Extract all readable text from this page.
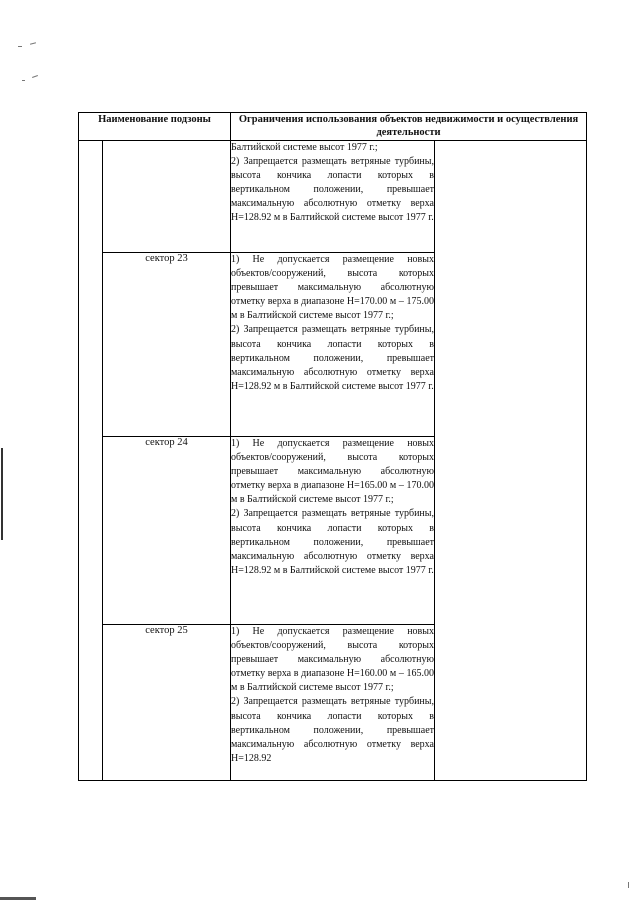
Наименование подзоны		Ограничения использования объектов недвижимости и осуществления деятельности	

		Балтийской системе высот 1977 г.;

2) Запрещается размещать ветряные турбины, высота кончика лопасти которых в вертикальном положении, превышает максимальную абсолютную отметку верха Н=128.92 м в Балтийской системе высот 1977 г.	

	сектор 23	1) Не допускается размещение новых объектов/сооружений, высота которых превышает максимальную абсолютную отметку верха в диапазоне Н=170.00 м – 175.00 м в Балтийской системе высот 1977 г.;

2) Запрещается размещать ветряные турбины, высота кончика лопасти которых в вертикальном положении, превышает максимальную абсолютную отметку верха Н=128.92 м в Балтийской системе высот 1977 г.	

	сектор 24	1) Не допускается размещение новых объектов/сооружений, высота которых превышает максимальную абсолютную отметку верха в диапазоне Н=165.00 м – 170.00 м в Балтийской системе высот 1977 г.;

2) Запрещается размещать ветряные турбины, высота кончика лопасти которых в вертикальном положении, превышает максимальную абсолютную отметку верха Н=128.92 м в Балтийской системе высот 1977 г.	

	сектор 25	1) Не допускается размещение новых объектов/сооружений, высота которых превышает максимальную абсолютную отметку верха в диапазоне Н=160.00 м – 165.00 м в Балтийской системе высот 1977 г.;

2) Запрещается размещать ветряные турбины, высота кончика лопасти которых в вертикальном положении, превышает максимальную абсолютную отметку верха Н=128.92	
